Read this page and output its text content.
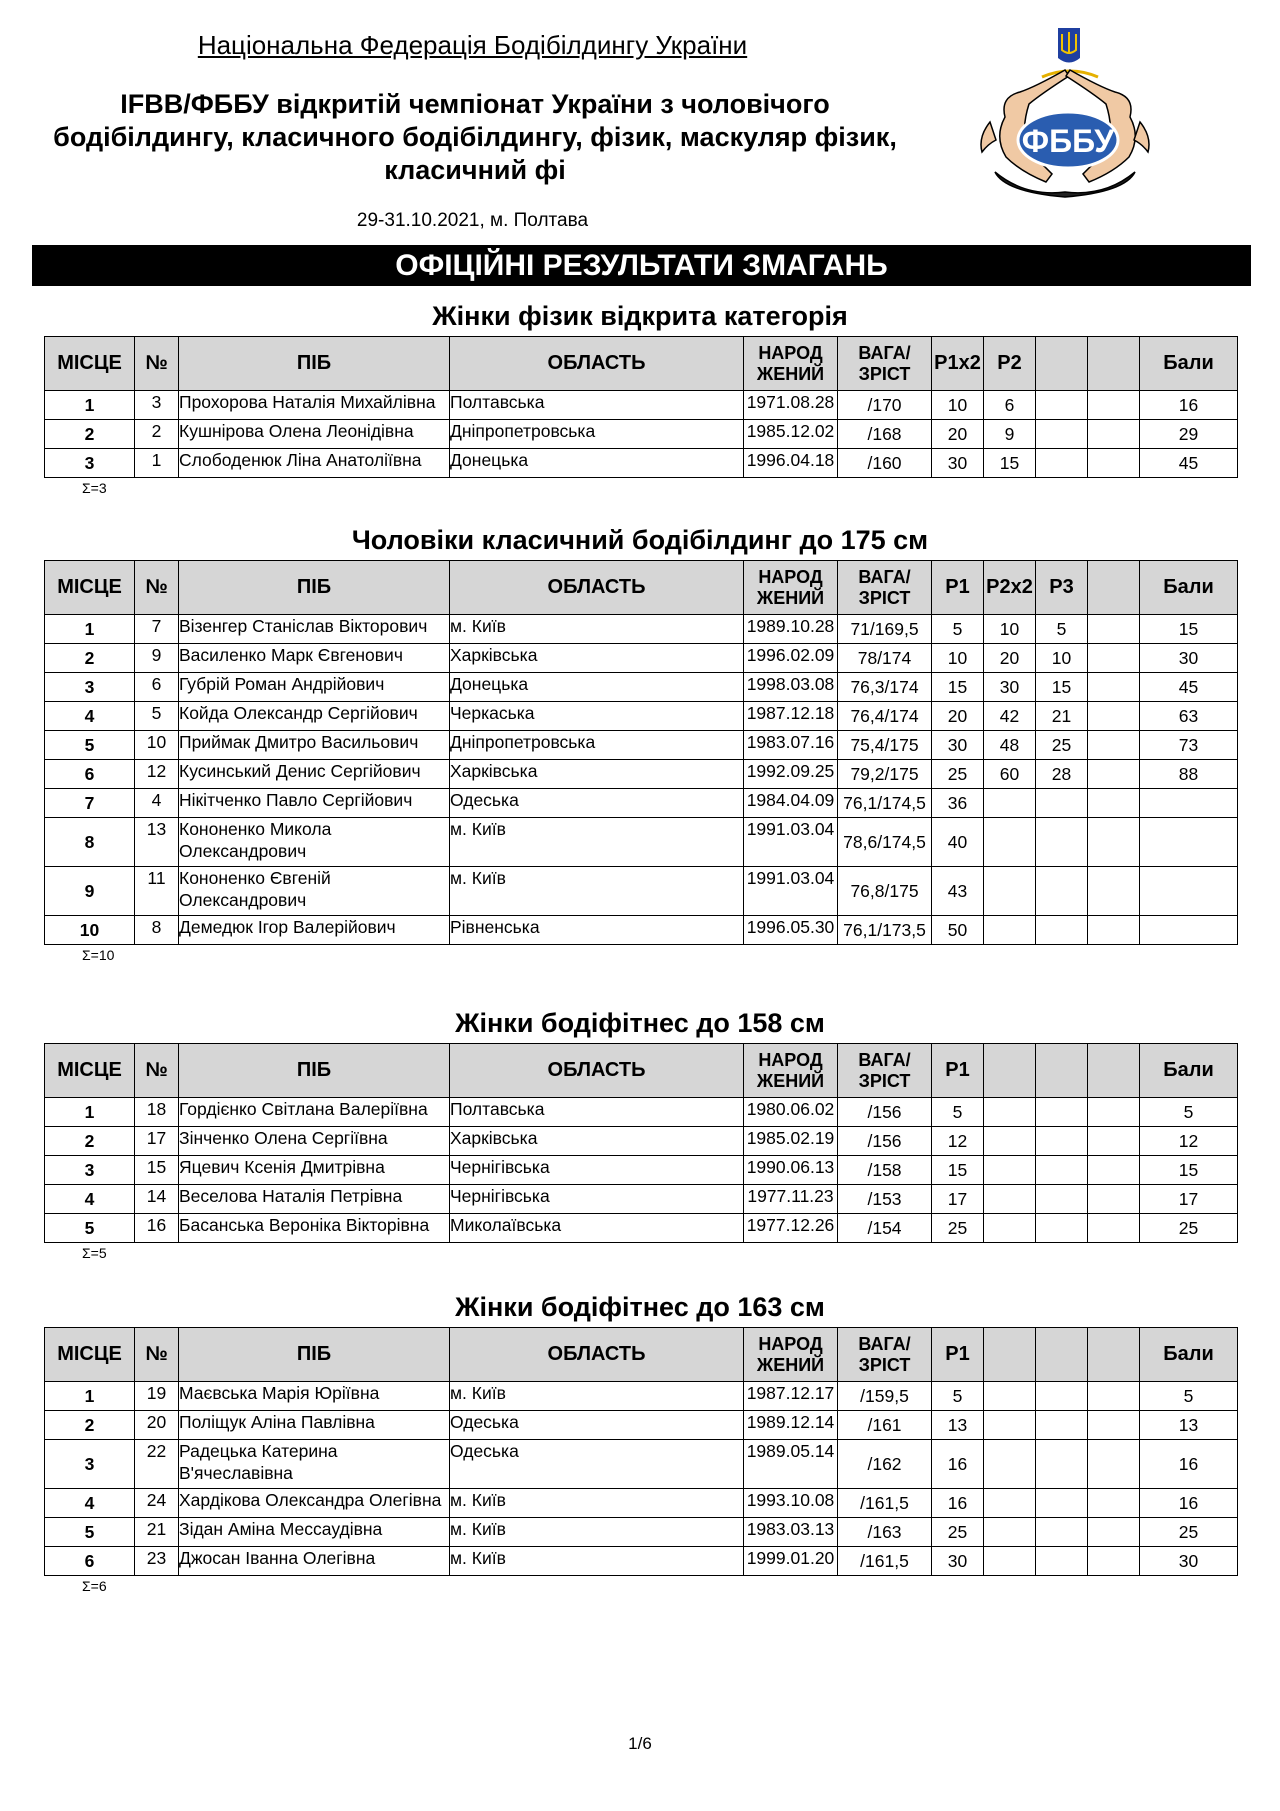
Національна Федерація Бодібілдингу України
IFBB/ФББУ відкритій чемпіонат України з чоловічого бодібілдингу, класичного бодібілдингу, фізик, маскуляр фізик, класичний фі
29-31.10.2021, м. Полтава
ФББУ
ОФІЦІЙНІ РЕЗУЛЬТАТИ ЗМАГАНЬ
Жінки фізик відкрита категорія
МІСЦЕ	№	ПІБ	ОБЛАСТЬ	НАРОД ЖЕНИЙ	ВАГА/ ЗРІСТ	P1x2	P2			Бали
1	3	Прохорова Наталія Михайлівна	Полтавська	1971.08.28	/170	10	6			16
2	2	Кушнірова Олена Леонідівна	Дніпропетровська	1985.12.02	/168	20	9			29
3	1	Слободенюк Ліна Анатоліївна	Донецька	1996.04.18	/160	30	15			45
Σ=3
Чоловіки класичний бодібілдинг до 175 cм
МІСЦЕ	№	ПІБ	ОБЛАСТЬ	НАРОД ЖЕНИЙ	ВАГА/ ЗРІСТ	P1	P2x2	P3		Бали
1	7	Візенгер Станіслав Вікторович	м. Київ	1989.10.28	71/169,5	5	10	5		15
2	9	Василенко Марк Євгенович	Харківська	1996.02.09	78/174	10	20	10		30
3	6	Губрій Роман Андрійович	Донецька	1998.03.08	76,3/174	15	30	15		45
4	5	Койда Олександр Сергійович	Черкаська	1987.12.18	76,4/174	20	42	21		63
5	10	Приймак Дмитро Васильович	Дніпропетровська	1983.07.16	75,4/175	30	48	25		73
6	12	Кусинський Денис Сергійович	Харківська	1992.09.25	79,2/175	25	60	28		88
7	4	Нікітченко Павло Сергійович	Одеська	1984.04.09	76,1/174,5	36				
8	13	Кононенко Микола Олександрович	м. Київ	1991.03.04	78,6/174,5	40				
9	11	Кононенко Євгеній Олександрович	м. Київ	1991.03.04	76,8/175	43				
10	8	Демедюк Ігор Валерійович	Рівненська	1996.05.30	76,1/173,5	50				
Σ=10
Жінки бодіфітнес до 158 cм
МІСЦЕ	№	ПІБ	ОБЛАСТЬ	НАРОД ЖЕНИЙ	ВАГА/ ЗРІСТ	P1				Бали
1	18	Гордієнко Світлана Валеріївна	Полтавська	1980.06.02	/156	5				5
2	17	Зінченко Олена Сергіївна	Харківська	1985.02.19	/156	12				12
3	15	Яцевич Ксенія Дмитрівна	Чернігівська	1990.06.13	/158	15				15
4	14	Веселова Наталія Петрівна	Чернігівська	1977.11.23	/153	17				17
5	16	Басанська Вероніка Вікторівна	Миколаївська	1977.12.26	/154	25				25
Σ=5
Жінки бодіфітнес до 163 cм
МІСЦЕ	№	ПІБ	ОБЛАСТЬ	НАРОД ЖЕНИЙ	ВАГА/ ЗРІСТ	P1				Бали
1	19	Маєвська Марія Юріївна	м. Київ	1987.12.17	/159,5	5				5
2	20	Поліщук Аліна Павлівна	Одеська	1989.12.14	/161	13				13
3	22	Радецька Катерина В'ячеславівна	Одеська	1989.05.14	/162	16				16
4	24	Хардікова Олександра Олегівна	м. Київ	1993.10.08	/161,5	16				16
5	21	Зідан Аміна Мессаудівна	м. Київ	1983.03.13	/163	25				25
6	23	Джосан Іванна Олегівна	м. Київ	1999.01.20	/161,5	30				30
Σ=6
1/6
